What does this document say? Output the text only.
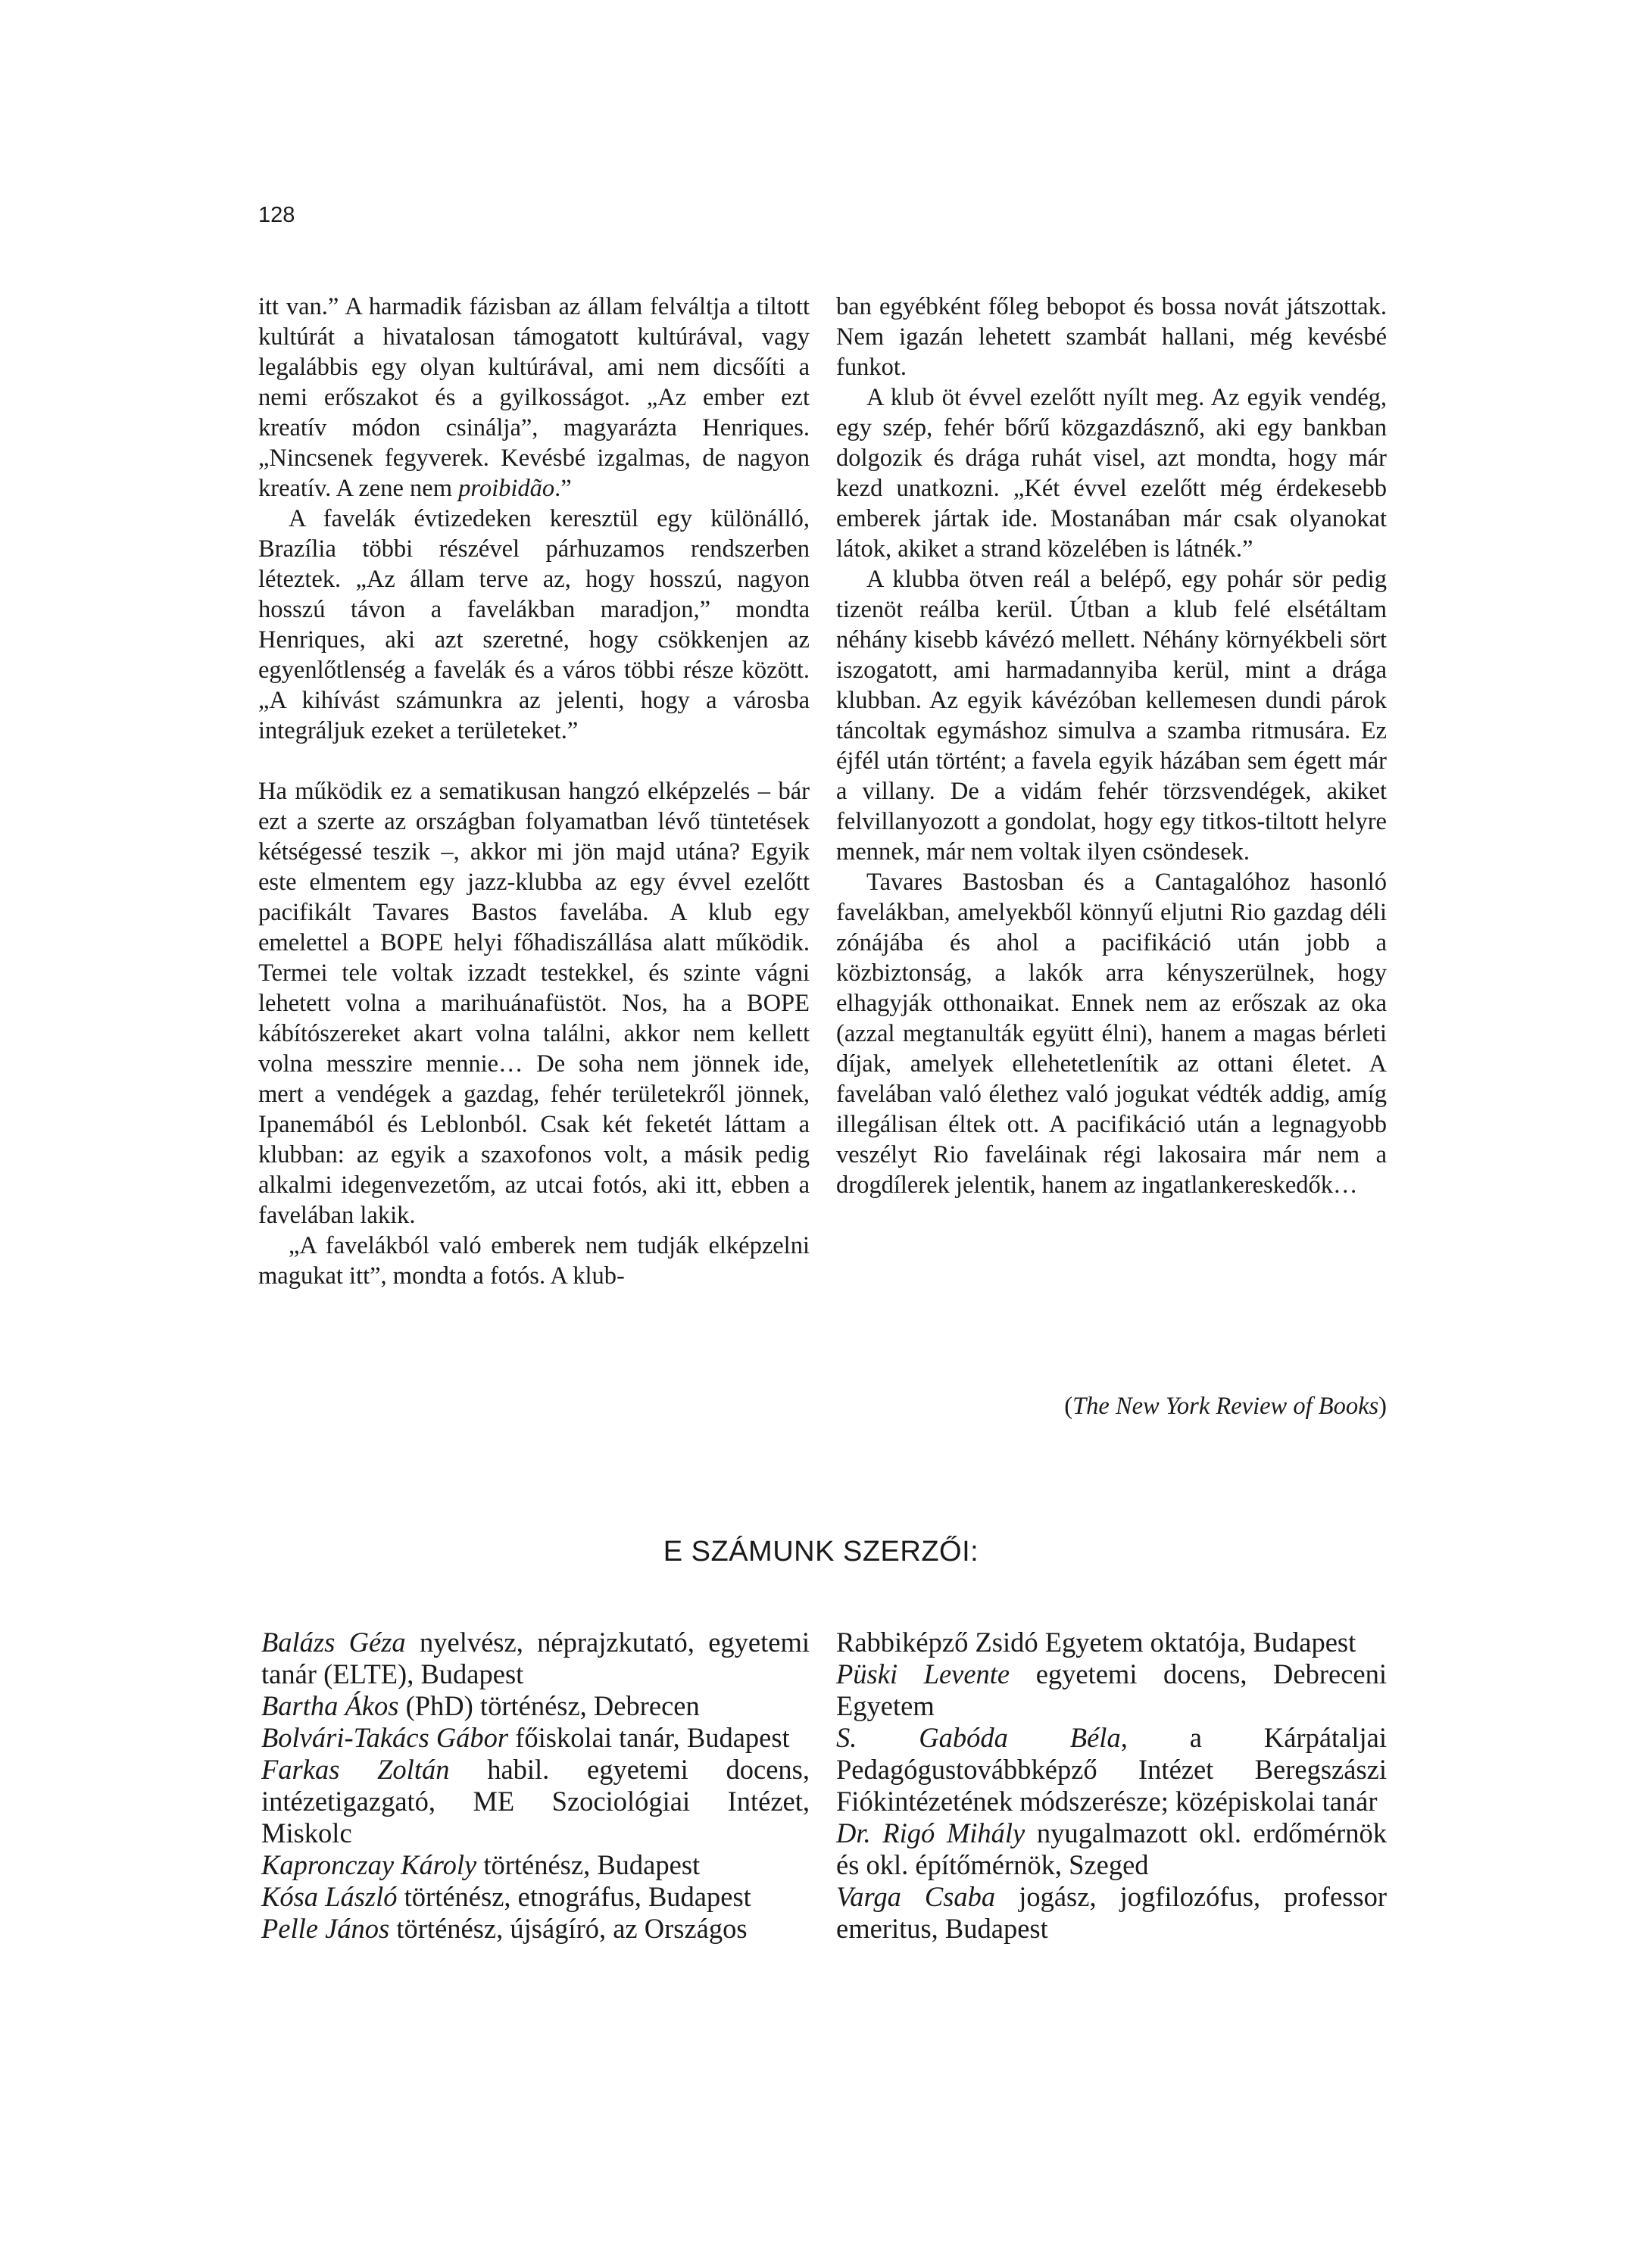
128

itt van.” A harmadik fázisban az állam felváltja a tiltott kultúrát a hivatalosan támogatott kultúrával, vagy legalábbis egy olyan kultúrával, ami nem dicsőíti a nemi erőszakot és a gyilkosságot. „Az ember ezt kreatív módon csinálja”, magyarázta Henriques. „Nincsenek fegyverek. Kevésbé izgalmas, de nagyon kreatív. A zene nem proibidão.”

A favelák évtizedeken keresztül egy különálló, Brazília többi részével párhuzamos rendszerben léteztek. „Az állam terve az, hogy hosszú, nagyon hosszú távon a favelákban maradjon,” mondta Henriques, aki azt szeretné, hogy csökkenjen az egyenlőtlenség a favelák és a város többi része között. „A kihívást számunkra az jelenti, hogy a városba integráljuk ezeket a területeket.”

Ha működik ez a sematikusan hangzó elképzelés – bár ezt a szerte az országban folyamatban lévő tüntetések kétségessé teszik –, akkor mi jön majd utána? Egyik este elmentem egy jazz-klubba az egy évvel ezelőtt pacifikált Tavares Bastos favelába. A klub egy emelettel a BOPE helyi főhadiszállása alatt működik. Termei tele voltak izzadt testekkel, és szinte vágni lehetett volna a marihuánafüstöt. Nos, ha a BOPE kábítószereket akart volna találni, akkor nem kellett volna messzire mennie… De soha nem jönnek ide, mert a vendégek a gazdag, fehér területekről jönnek, Ipanemából és Leblonból. Csak két feketét láttam a klubban: az egyik a szaxofonos volt, a másik pedig alkalmi idegenvezetőm, az utcai fotós, aki itt, ebben a favelában lakik.

„A favelákból való emberek nem tudják elképzelni magukat itt”, mondta a fotós. A klub-

ban egyébként főleg bebopot és bossa novát játszottak. Nem igazán lehetett szambát hallani, még kevésbé funkot.

A klub öt évvel ezelőtt nyílt meg. Az egyik vendég, egy szép, fehér bőrű közgazdásznő, aki egy bankban dolgozik és drága ruhát visel, azt mondta, hogy már kezd unatkozni. „Két évvel ezelőtt még érdekesebb emberek jártak ide. Mostanában már csak olyanokat látok, akiket a strand közelében is látnék.”

A klubba ötven reál a belépő, egy pohár sör pedig tizenöt reálba kerül. Útban a klub felé elsétáltam néhány kisebb kávézó mellett. Néhány környékbeli sört iszogatott, ami harmadannyiba kerül, mint a drága klubban. Az egyik kávézóban kellemesen dundi párok táncoltak egymáshoz simulva a szamba ritmusára. Ez éjfél után történt; a favela egyik házában sem égett már a villany. De a vidám fehér törzsvendégek, akiket felvillanyozott a gondolat, hogy egy titkos-tiltott helyre mennek, már nem voltak ilyen csöndesek.

Tavares Bastosban és a Cantagalóhoz hasonló favelákban, amelyekből könnyű eljutni Rio gazdag déli zónájába és ahol a pacifikáció után jobb a közbiztonság, a lakók arra kényszerülnek, hogy elhagyják otthonaikat. Ennek nem az erőszak az oka (azzal megtanulták együtt élni), hanem a magas bérleti díjak, amelyek ellehetetlenítik az ottani életet. A favelában való élethez való jogukat védték addig, amíg illegálisan éltek ott. A pacifikáció után a legnagyobb veszélyt Rio faveláinak régi lakosaira már nem a drogdílerek jelentik, hanem az ingatlankereskedők…

(The New York Review of Books)
E SZÁMUNK SZERZŐI:
Balázs Géza nyelvész, néprajzkutató, egyetemi tanár (ELTE), Budapest
Bartha Ákos (PhD) történész, Debrecen
Bolvári-Takács Gábor főiskolai tanár, Budapest
Farkas Zoltán habil. egyetemi docens, intézetigazgató, ME Szociológiai Intézet, Miskolc
Kapronczay Károly történész, Budapest
Kósa László történész, etnográfus, Budapest
Pelle János történész, újságíró, az Országos
Rabbiképző Zsidó Egyetem oktatója, Budapest
Püski Levente egyetemi docens, Debreceni Egyetem
S. Gabóda Béla, a Kárpátaljai Pedagógustovábbképző Intézet Beregszászi Fiókintézetének módszerésze; középiskolai tanár
Dr. Rigó Mihály nyugalmazott okl. erdőmérnök és okl. építőmérnök, Szeged
Varga Csaba jogász, jogfilozófus, professor emeritus, Budapest
